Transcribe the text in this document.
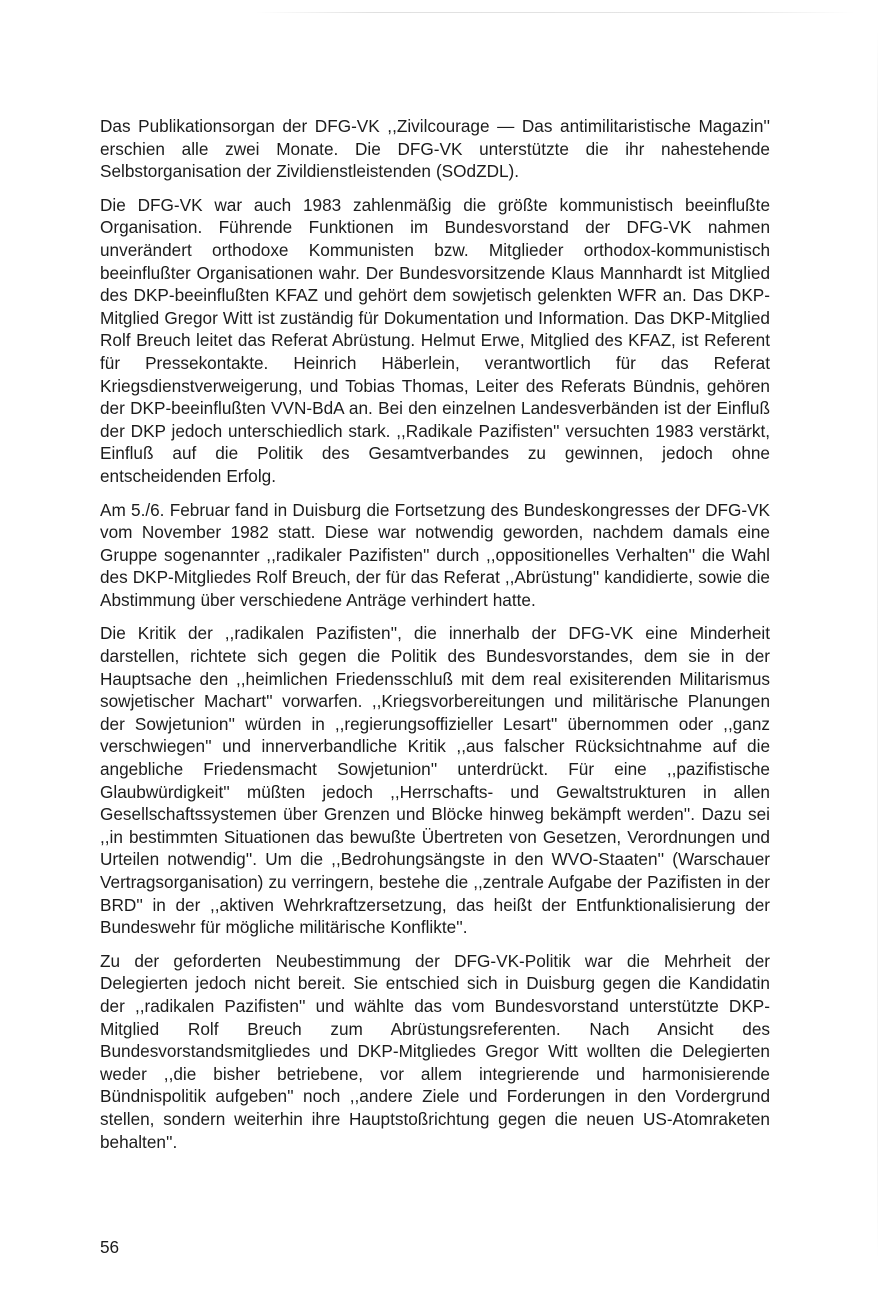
Das Publikationsorgan der DFG-VK ,,Zivilcourage — Das antimilitaristische Magazin'' erschien alle zwei Monate. Die DFG-VK unterstützte die ihr nahestehende Selbstorganisation der Zivildienstleistenden (SOdZDL).

Die DFG-VK war auch 1983 zahlenmäßig die größte kommunistisch beeinflußte Organisation. Führende Funktionen im Bundesvorstand der DFG-VK nahmen unverändert orthodoxe Kommunisten bzw. Mitglieder orthodox-kommunistisch beeinflußter Organisationen wahr. Der Bundesvorsitzende Klaus Mannhardt ist Mitglied des DKP-beeinflußten KFAZ und gehört dem sowjetisch gelenkten WFR an. Das DKP-Mitglied Gregor Witt ist zuständig für Dokumentation und Information. Das DKP-Mitglied Rolf Breuch leitet das Referat Abrüstung. Helmut Erwe, Mitglied des KFAZ, ist Referent für Pressekontakte. Heinrich Häberlein, verantwortlich für das Referat Kriegsdienstverweigerung, und Tobias Thomas, Leiter des Referats Bündnis, gehören der DKP-beeinflußten VVN-BdA an. Bei den einzelnen Landesverbänden ist der Einfluß der DKP jedoch unterschiedlich stark. ,,Radikale Pazifisten'' versuchten 1983 verstärkt, Einfluß auf die Politik des Gesamtverbandes zu gewinnen, jedoch ohne entscheidenden Erfolg.

Am 5./6. Februar fand in Duisburg die Fortsetzung des Bundeskongresses der DFG-VK vom November 1982 statt. Diese war notwendig geworden, nachdem damals eine Gruppe sogenannter ,,radikaler Pazifisten'' durch ,,oppositionelles Verhalten'' die Wahl des DKP-Mitgliedes Rolf Breuch, der für das Referat ,,Abrüstung'' kandidierte, sowie die Abstimmung über verschiedene Anträge verhindert hatte.

Die Kritik der ,,radikalen Pazifisten'', die innerhalb der DFG-VK eine Minderheit darstellen, richtete sich gegen die Politik des Bundesvorstandes, dem sie in der Hauptsache den ,,heimlichen Friedensschluß mit dem real exisiterenden Militarismus sowjetischer Machart'' vorwarfen. ,,Kriegsvorbereitungen und militärische Planungen der Sowjetunion'' würden in ,,regierungsoffizieller Lesart'' übernommen oder ,,ganz verschwiegen'' und innerverbandliche Kritik ,,aus falscher Rücksichtnahme auf die angebliche Friedensmacht Sowjetunion'' unterdrückt. Für eine ,,pazifistische Glaubwürdigkeit'' müßten jedoch ,,Herrschafts- und Gewaltstrukturen in allen Gesellschaftssystemen über Grenzen und Blöcke hinweg bekämpft werden''. Dazu sei ,,in bestimmten Situationen das bewußte Übertreten von Gesetzen, Verordnungen und Urteilen notwendig''. Um die ,,Bedrohungsängste in den WVO-Staaten'' (Warschauer Vertragsorganisation) zu verringern, bestehe die ,,zentrale Aufgabe der Pazifisten in der BRD'' in der ,,aktiven Wehrkraftzersetzung, das heißt der Entfunktionalisierung der Bundeswehr für mögliche militärische Konflikte''.

Zu der geforderten Neubestimmung der DFG-VK-Politik war die Mehrheit der Delegierten jedoch nicht bereit. Sie entschied sich in Duisburg gegen die Kandidatin der ,,radikalen Pazifisten'' und wählte das vom Bundesvorstand unterstützte DKP-Mitglied Rolf Breuch zum Abrüstungsreferenten. Nach Ansicht des Bundesvorstandsmitgliedes und DKP-Mitgliedes Gregor Witt wollten die Delegierten weder ,,die bisher betriebene, vor allem integrierende und harmonisierende Bündnispolitik aufgeben'' noch ,,andere Ziele und Forderungen in den Vordergrund stellen, sondern weiterhin ihre Hauptstoßrichtung gegen die neuen US-Atomraketen behalten''.

56
